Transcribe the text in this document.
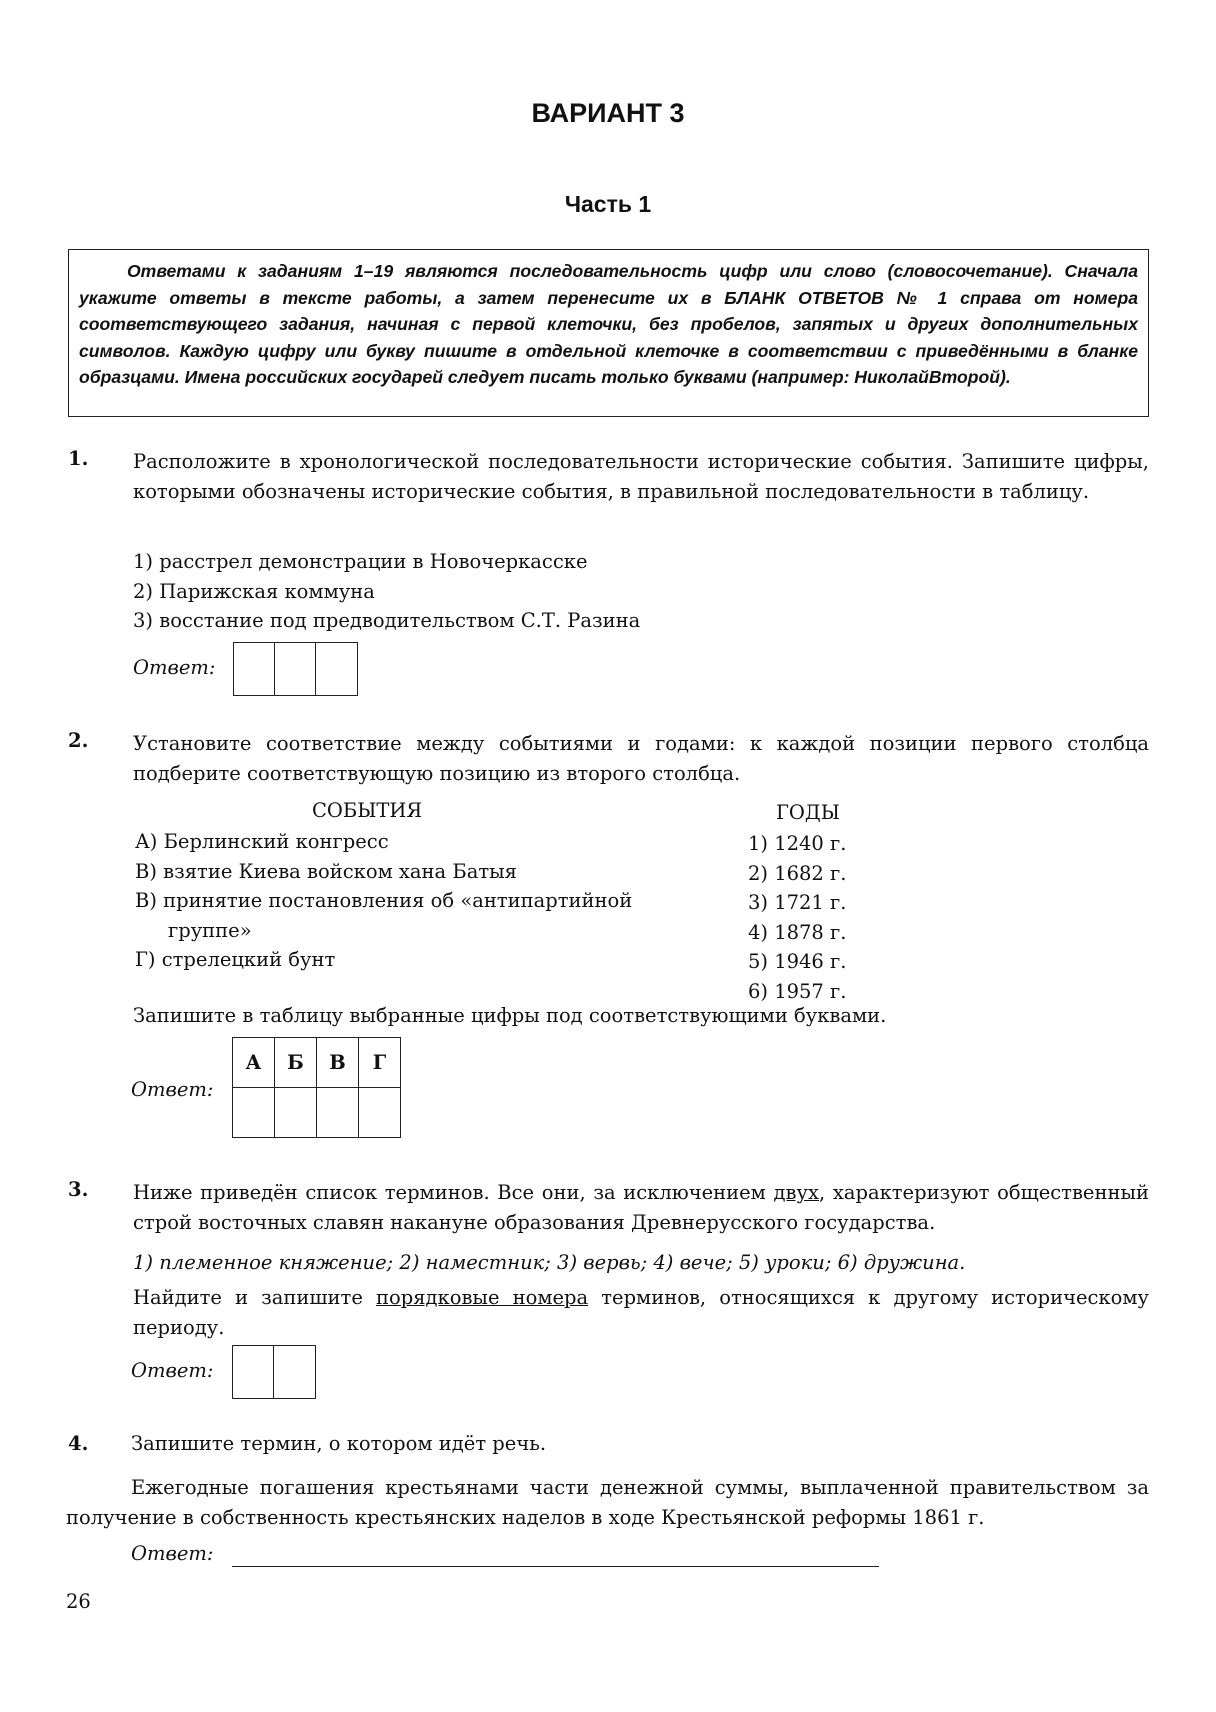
ВАРИАНТ 3
Часть 1

Ответами к заданиям 1–19 являются последовательность цифр или слово (словосочетание). Сначала укажите ответы в тексте работы, а затем перенесите их в БЛАНК ОТВЕТОВ № 1 справа от номера соответствующего задания, начиная с первой клеточки, без пробелов, запятых и других дополнительных символов. Каждую цифру или букву пишите в отдельной клеточке в соответствии с приведёнными в бланке образцами. Имена российских государей следует писать только буквами (например: НиколайВторой).

1. Расположите в хронологической последовательности исторические события. Запишите цифры, которыми обозначены исторические события, в правильной последовательности в таблицу.
1) расстрел демонстрации в Новочеркасске
2) Парижская коммуна
3) восстание под предводительством С.Т. Разина
Ответ:
2. Установите соответствие между событиями и годами: к каждой позиции первого столбца подберите соответствующую позицию из второго столбца.
СОБЫТИЯ	ГОДЫ
А) Берлинский конгресс
В) взятие Киева войском хана Батыя
В) принятие постановления об «антипартийной группе»
Г) стрелецкий бунт
1) 1240 г.
2) 1682 г.
3) 1721 г.
4) 1878 г.
5) 1946 г.
6) 1957 г.
Запишите в таблицу выбранные цифры под соответствующими буквами.
Ответ:
А	Б	В	Г

3. Ниже приведён список терминов. Все они, за исключением двух, характеризуют общественный строй восточных славян накануне образования Древнерусского государства.
1) племенное княжение; 2) наместник; 3) вервь; 4) вече; 5) уроки; 6) дружина.
Найдите и запишите порядковые номера терминов, относящихся к другому историческому периоду.
Ответ:
4. Запишите термин, о котором идёт речь.
Ежегодные погашения крестьянами части денежной суммы, выплаченной правительством за получение в собственность крестьянских наделов в ходе Крестьянской реформы 1861 г.
Ответ:
26
